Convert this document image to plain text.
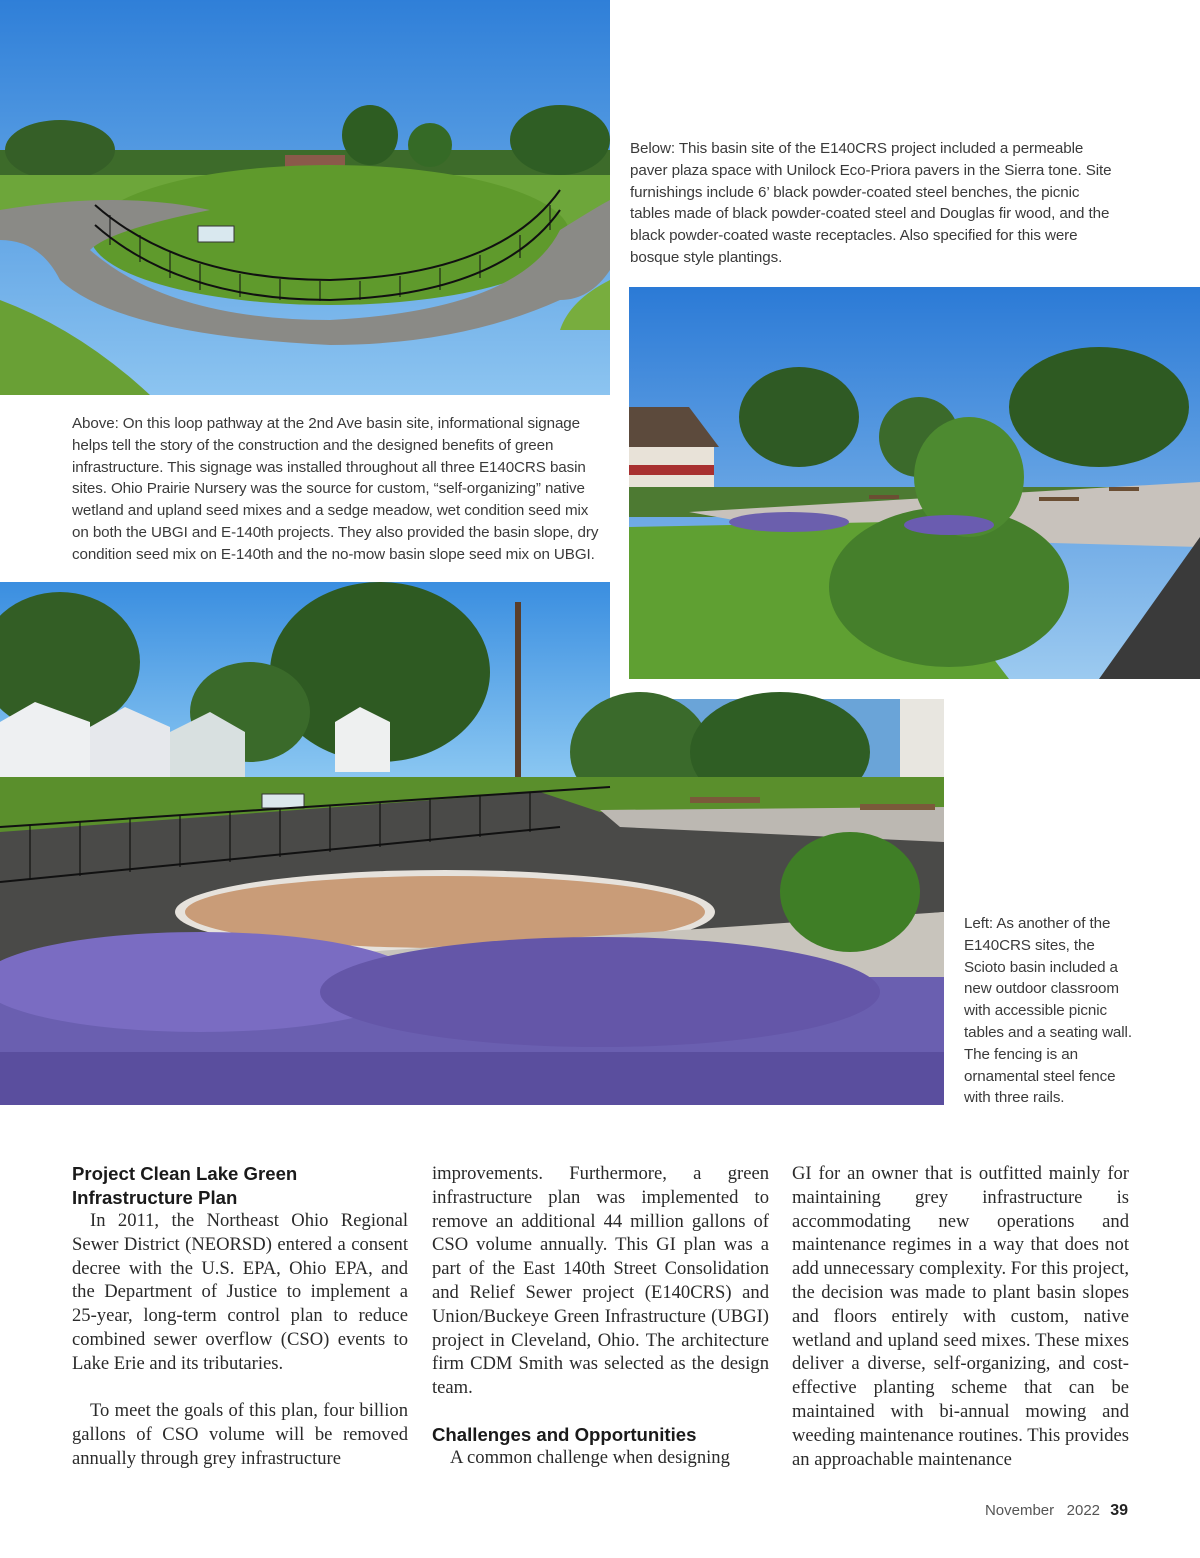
Below: This basin site of the E140CRS project included a permeable paver plaza space with Unilock Eco-Priora pavers in the Sierra tone. Site furnishings include 6’ black powder-coated steel benches, the picnic tables made of black powder-coated steel and Douglas fir wood, and the black powder-coated waste receptacles. Also specified for this were bosque style plantings.
Above: On this loop pathway at the 2nd Ave basin site, informational signage helps tell the story of the construction and the designed benefits of green infrastructure. This signage was installed throughout all three E140CRS basin sites. Ohio Prairie Nursery was the source for custom, “self-organizing” native wetland and upland seed mixes and a sedge meadow, wet condition seed mix on both the UBGI and E-140th projects. They also provided the basin slope, dry condition seed mix on E-140th and the no-mow basin slope seed mix on UBGI.
Left: As another of the E140CRS sites, the Scioto basin included a new outdoor classroom with accessible picnic tables and a seating wall. The fencing is an ornamental steel fence with three rails.
Project Clean Lake Green Infrastructure Plan

In 2011, the Northeast Ohio Regional Sewer District (NEORSD) entered a consent decree with the U.S. EPA, Ohio EPA, and the Department of Justice to implement a 25-year, long-term control plan to reduce combined sewer overflow (CSO) events to Lake Erie and its tributaries.

To meet the goals of this plan, four billion gallons of CSO volume will be removed annually through grey infrastructure

improvements. Furthermore, a green infrastructure plan was implemented to remove an additional 44 million gallons of CSO volume annually. This GI plan was a part of the East 140th Street Consolidation and Relief Sewer project (E140CRS) and Union/Buckeye Green Infrastructure (UBGI) project in Cleveland, Ohio. The architecture firm CDM Smith was selected as the design team.

Challenges and Opportunities

A common challenge when designing

GI for an owner that is outfitted mainly for maintaining grey infrastructure is accommodating new operations and maintenance regimes in a way that does not add unnecessary complexity. For this project, the decision was made to plant basin slopes and floors entirely with custom, native wetland and upland seed mixes. These mixes deliver a diverse, self-organizing, and cost-effective planting scheme that can be maintained with bi-annual mowing and weeding maintenance routines. This provides an approachable maintenance

November 2022 39
